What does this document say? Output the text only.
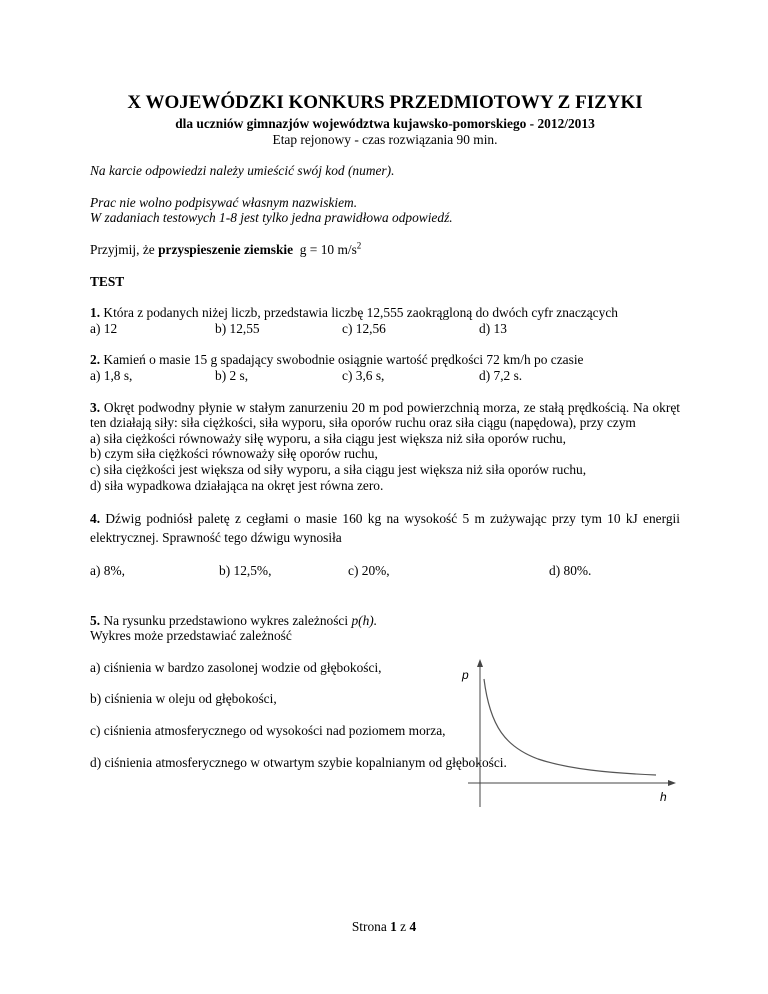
X WOJEWÓDZKI KONKURS PRZEDMIOTOWY Z FIZYKI

dla uczniów gimnazjów województwa kujawsko-pomorskiego - 2012/2013
Etap rejonowy - czas rozwiązania 90 min.
Na karcie odpowiedzi należy umieścić swój kod (numer).
Prac nie wolno podpisywać własnym nazwiskiem.
W zadaniach testowych 1-8 jest tylko jedna prawidłowa odpowiedź.
Przyjmij, że przyspieszenie ziemskie g = 10 $m/s^2$
TEST
1. Która z podanych niżej liczb, przedstawia liczbę 12,555 zaokrągloną do dwóch cyfr znaczących
a) 12	b) 12,55	c) 12,56	d) 13
2. Kamień o masie 15 g spadający swobodnie osiągnie wartość prędkości 72 km/h po czasie
a) 1,8 s,	b) 2 s,	c) 3,6 s,	d) 7,2 s.
3. Okręt podwodny płynie w stałym zanurzeniu 20 m pod powierzchnią morza, ze stałą prędkością. Na okręt ten działają siły: siła ciężkości, siła wyporu, siła oporów ruchu oraz siła ciągu (napędowa), przy czym
a) siła ciężkości równoważy siłę wyporu, a siła ciągu jest większa niż siła oporów ruchu,
b) czym siła ciężkości równoważy siłę oporów ruchu,
c) siła ciężkości jest większa od siły wyporu, a siła ciągu jest większa niż siła oporów ruchu,
d) siła wypadkowa działająca na okręt jest równa zero.
4. Dźwig podniósł paletę z cegłami o masie 160 kg na wysokość 5 m zużywając przy tym 10 kJ energii elektrycznej. Sprawność tego dźwigu wynosiła
a) 8%,	b) 12,5%,	c) 20%,	d) 80%.
5. Na rysunku przedstawiono wykres zależności p(h).
Wykres może przedstawiać zależność
a) ciśnienia w bardzo zasolonej wodzie od głębokości,
b) ciśnienia w oleju od głębokości,
c) ciśnienia atmosferycznego od wysokości nad poziomem morza,
d) ciśnienia atmosferycznego w otwartym szybie kopalnianym od głębokości.
p
h
Strona 1 z 4
